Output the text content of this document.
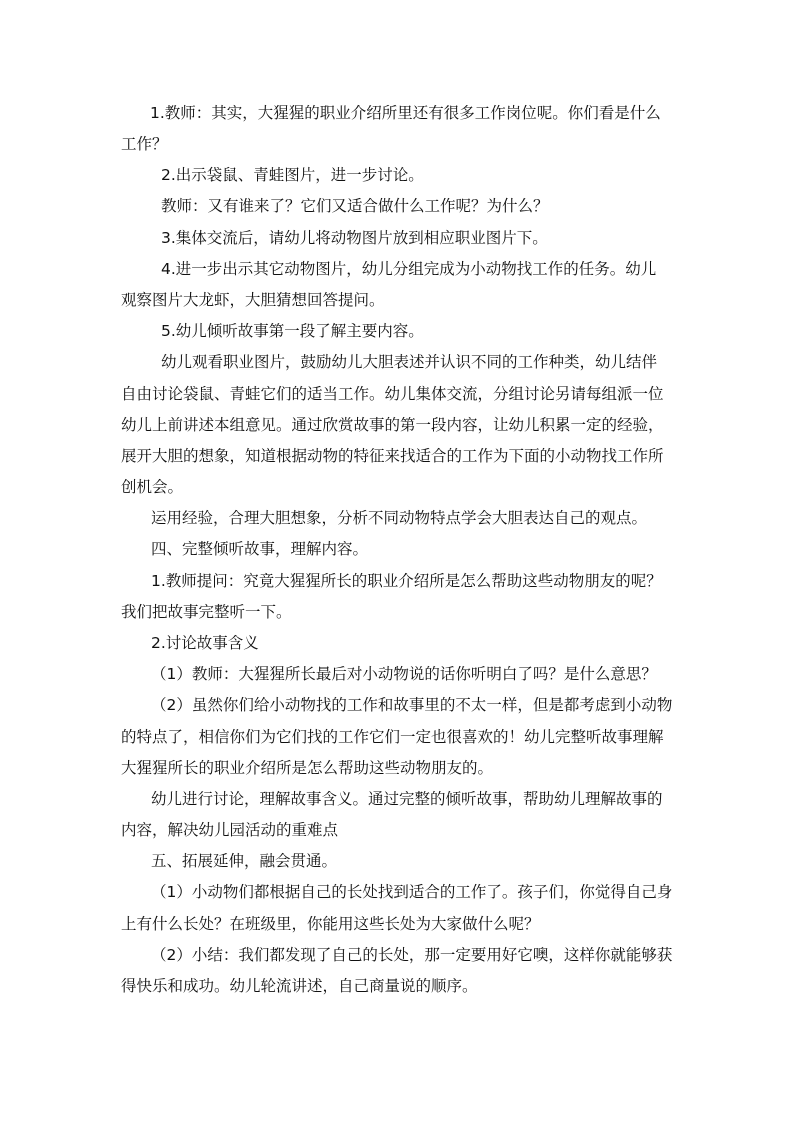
1.教师：其实，大猩猩的职业介绍所里还有很多工作岗位呢。你们看是什么
工作？
2.出示袋鼠、青蛙图片，进一步讨论。
教师：又有谁来了？它们又适合做什么工作呢？为什么？
3.集体交流后，请幼儿将动物图片放到相应职业图片下。
4.进一步出示其它动物图片，幼儿分组完成为小动物找工作的任务。幼儿
观察图片大龙虾，大胆猜想回答提问。
5.幼儿倾听故事第一段了解主要内容。
幼儿观看职业图片，鼓励幼儿大胆表述并认识不同的工作种类，幼儿结伴
自由讨论袋鼠、青蛙它们的适当工作。幼儿集体交流，分组讨论另请每组派一位
幼儿上前讲述本组意见。通过欣赏故事的第一段内容，让幼儿积累一定的经验，
展开大胆的想象，知道根据动物的特征来找适合的工作为下面的小动物找工作所
创机会。
运用经验，合理大胆想象，分析不同动物特点学会大胆表达自己的观点。
四、完整倾听故事，理解内容。
1.教师提问：究竟大猩猩所长的职业介绍所是怎么帮助这些动物朋友的呢？
我们把故事完整听一下。
2.讨论故事含义
（1）教师：大猩猩所长最后对小动物说的话你听明白了吗？是什么意思？
（2）虽然你们给小动物找的工作和故事里的不太一样，但是都考虑到小动物
的特点了，相信你们为它们找的工作它们一定也很喜欢的！幼儿完整听故事理解
大猩猩所长的职业介绍所是怎么帮助这些动物朋友的。
幼儿进行讨论，理解故事含义。通过完整的倾听故事，帮助幼儿理解故事的
内容，解决幼儿园活动的重难点
五、拓展延伸，融会贯通。
（1）小动物们都根据自己的长处找到适合的工作了。孩子们，你觉得自己身
上有什么长处？在班级里，你能用这些长处为大家做什么呢？
（2）小结：我们都发现了自己的长处，那一定要用好它噢，这样你就能够获
得快乐和成功。幼儿轮流讲述，自己商量说的顺序。
